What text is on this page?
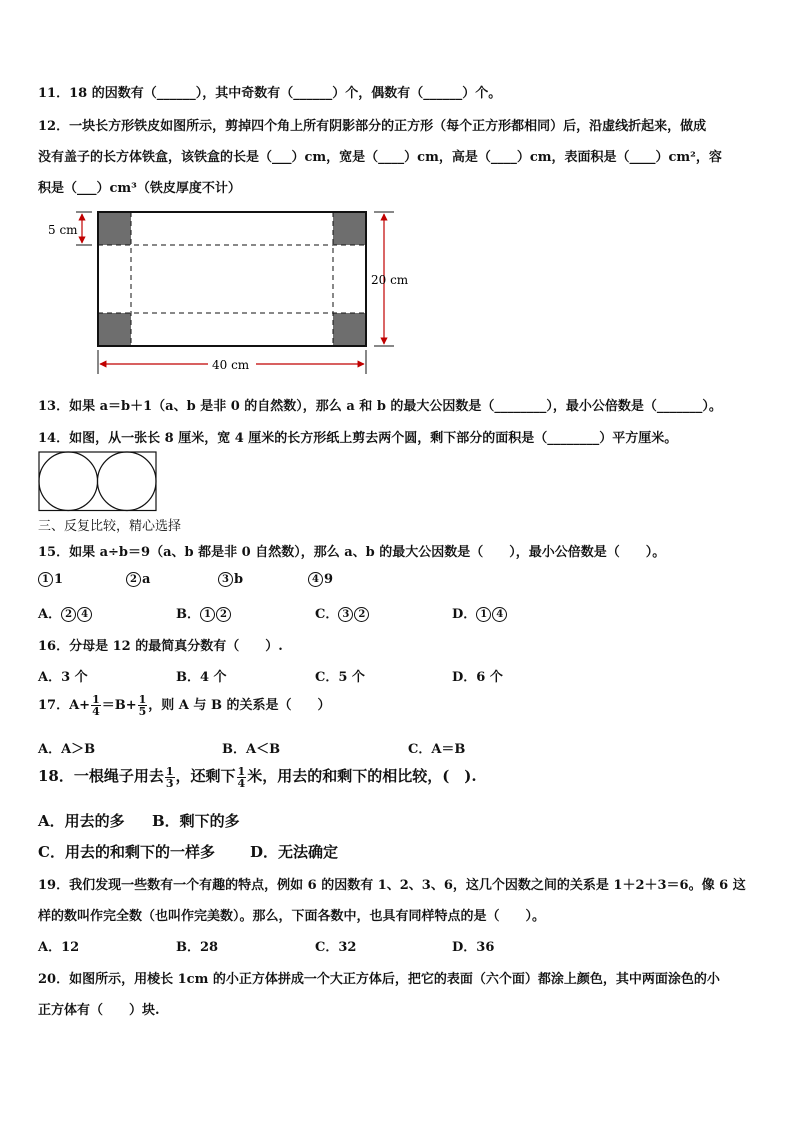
11．18 的因数有（______），其中奇数有（______）个，偶数有（______）个。
12．一块长方形铁皮如图所示，剪掉四个角上所有阴影部分的正方形（每个正方形都相同）后，沿虚线折起来，做成
没有盖子的长方体铁盒，该铁盒的长是（___）cm，宽是（____）cm，高是（____）cm，表面积是（____）cm²，容
积是（___）cm³（铁皮厚度不计）
5 cm
20 cm
40 cm
13．如果 a＝b＋1（a、b 是非 0 的自然数），那么 a 和 b 的最大公因数是（________），最小公倍数是（_______）。
14．如图，从一张长 8 厘米，宽 4 厘米的长方形纸上剪去两个圆，剩下部分的面积是（________）平方厘米。
三、反复比较，精心选择
15．如果 a÷b＝9（a、b 都是非 0 自然数），那么 a、b 的最大公因数是（　　），最小公倍数是（　　）。
1 1	2 a	3 b	4 9
A． 2 4	B． 1 2	C． 3 2	D． 1 4
16．分母是 12 的最简真分数有（　　）.
A．3 个	B．4 个	C．5 个	D．6 个
17．$A+ \frac{1}{4} =B+ \frac{1}{5}$ ，则 A 与 B 的关系是（　　）
A．A＞B	B．A＜B	C．A＝B
18．一根绳子用去 $\frac{1}{3}$ ，还剩下 $\frac{1}{4}$ 米，用去的和剩下的相比较，(　).
A．用去的多 B．剩下的多
C．用去的和剩下的一样多 D．无法确定
19．我们发现一些数有一个有趣的特点，例如 6 的因数有 1、2、3、6，这几个因数之间的关系是 1＋2＋3＝6。像 6 这
样的数叫作完全数（也叫作完美数）。那么，下面各数中，也具有同样特点的是（　　）。
A．12	B．28	C．32	D．36
20．如图所示，用棱长 1cm 的小正方体拼成一个大正方体后，把它的表面（六个面）都涂上颜色，其中两面涂色的小
正方体有（　　）块.
